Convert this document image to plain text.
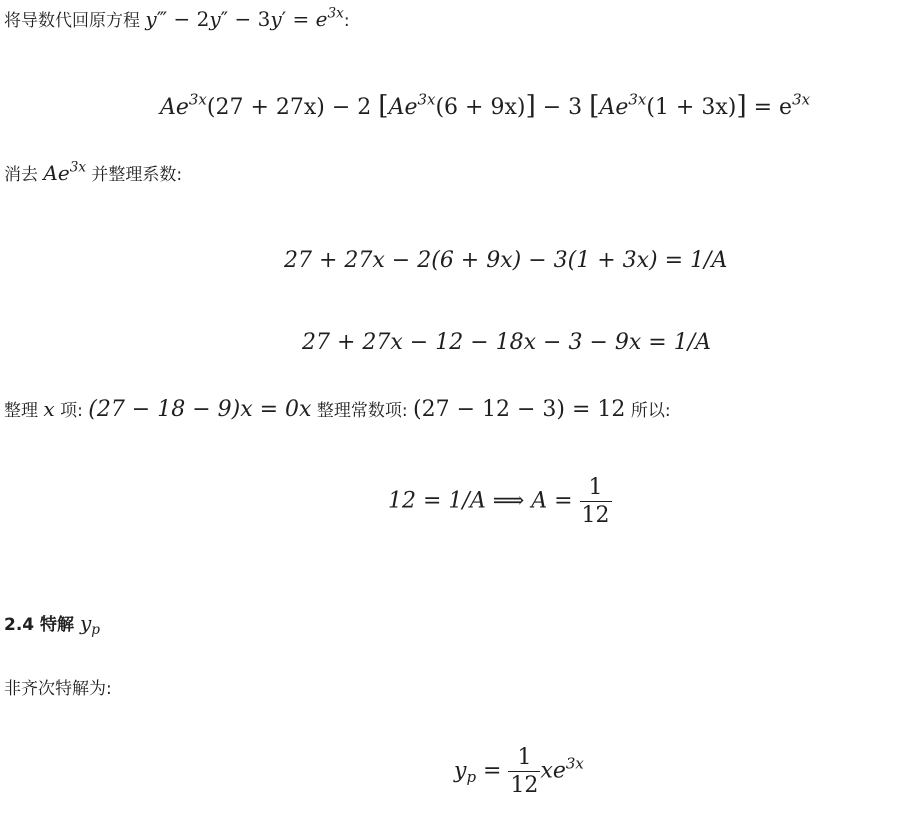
将导数代回原方程 y‴ − $2y'' - 3y' = e^{3x}$:
$Ae^{3x}(27 + 27x) - 2$ $[Ae^{3x}(6 + 9x)] - 3$ $[Ae^{3x}(1 + 3x)] = e^{3x}$
消去 $Ae^{3x}$ 并整理系数:
27 + 27x − 2(6 + 9x) − 3(1 + 3x) = 1/A
27 + 27x − 12 − 18x − 3 − 9x = 1/A
整理 x 项: (27 − 18 − 9)x = 0x 整理常数项: (27 − 12 − 3) = 12 所以:
12 = 1/A ⟹ $A = \frac{1}{12}$
2.4 特解 $y_p$
非齐次特解为:
$y_p = \frac{1}{12} xe^{3x}$
